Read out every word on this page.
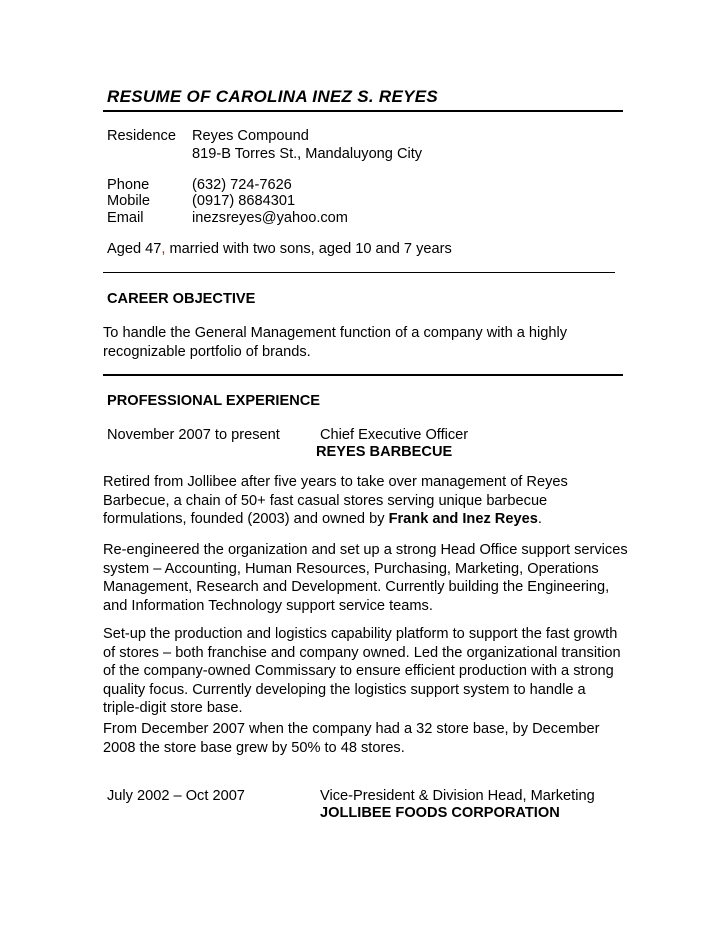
RESUME OF CAROLINA INEZ S. REYES
Residence Reyes Compound
819-B Torres St., Mandaluyong City
Phone	(632) 724-7626
Mobile	(0917) 8684301
Email	inezsreyes@yahoo.com
Aged 47, married with two sons, aged 10 and 7 years
CAREER OBJECTIVE
To handle the General Management function of a company with a highly recognizable portfolio of brands.
PROFESSIONAL EXPERIENCE
November 2007 to present	Chief Executive Officer
REYES BARBECUE
Retired from Jollibee after five years to take over management of Reyes Barbecue, a chain of 50+ fast casual stores serving unique barbecue formulations, founded (2003) and owned by Frank and Inez Reyes.
Re-engineered the organization and set up a strong Head Office support services system – Accounting, Human Resources, Purchasing, Marketing, Operations Management, Research and Development. Currently building the Engineering, and Information Technology support service teams.
Set-up the production and logistics capability platform to support the fast growth of stores – both franchise and company owned. Led the organizational transition of the company-owned Commissary to ensure efficient production with a strong quality focus. Currently developing the logistics support system to handle a triple-digit store base.
From December 2007 when the company had a 32 store base, by December 2008 the store base grew by 50% to 48 stores.
July 2002 – Oct 2007	Vice-President & Division Head, Marketing
JOLLIBEE FOODS CORPORATION
